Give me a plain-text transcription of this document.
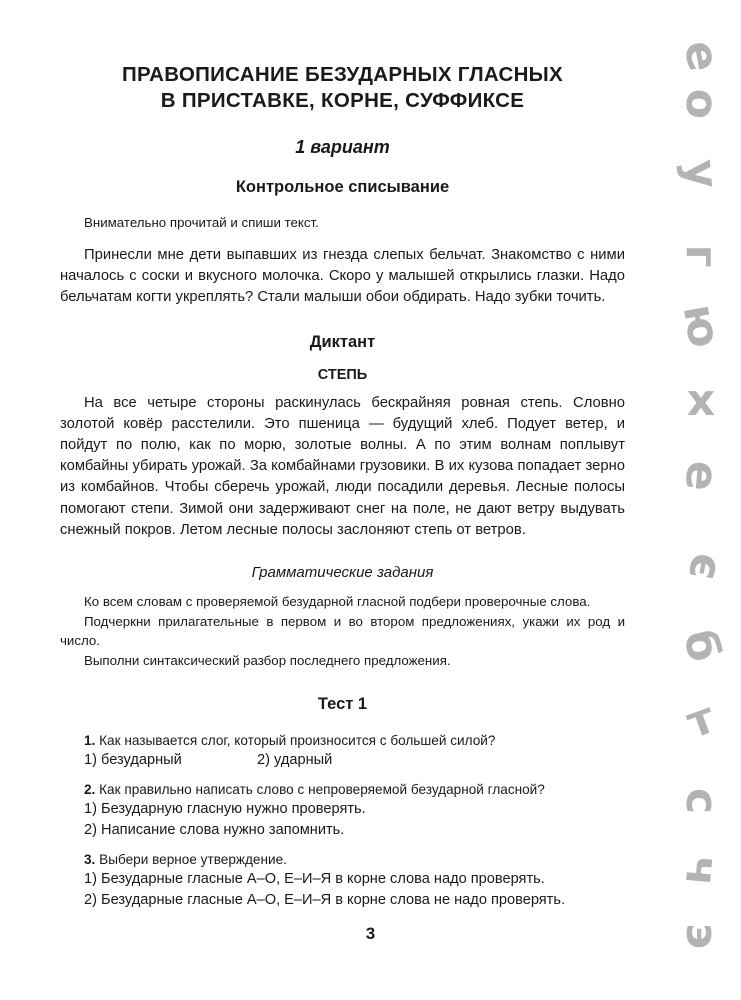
ПРАВОПИСАНИЕ БЕЗУДАРНЫХ ГЛАСНЫХ

В ПРИСТАВКЕ, КОРНЕ, СУФФИКСЕ

1 вариант

Контрольное списывание

Внимательно прочитай и спиши текст.

Принесли мне дети выпавших из гнезда слепых бельчат. Знакомство с ними началось с соски и вкусного молочка. Скоро у малышей открылись глазки. Надо бельчатам когти укреплять? Стали малыши обои обдирать. Надо зубки точить.

Диктант

СТЕПЬ

На все четыре стороны раскинулась бескрайняя ровная степь. Словно золотой ковёр расстелили. Это пшеница — будущий хлеб. Подует ветер, и пойдут по полю, как по морю, золотые волны. А по этим волнам поплывут комбайны убирать урожай. За комбайнами грузовики. В их кузова попадает зерно из комбайнов. Чтобы сберечь урожай, люди посадили деревья. Лесные полосы помогают степи. Зимой они задерживают снег на поле, не дают ветру выдувать снежный покров. Летом лесные полосы заслоняют степь от ветров.

Грамматические задания

Ко всем словам с проверяемой безударной гласной подбери проверочные слова.

Подчеркни прилагательные в первом и во втором предложениях, укажи их род и число.

Выполни синтаксический разбор последнего предложения.

Тест 1

1. Как называется слог, который произносится с большей силой?

1) безударный	2) ударный

2. Как правильно написать слово с непроверяемой безударной гласной?

1) Безударную гласную нужно проверять.

2) Написание слова нужно запомнить.

3. Выбери верное утверждение.

1) Безударные гласные А–О, Е–И–Я в корне слова надо проверять.

2) Безударные гласные А–О, Е–И–Я в корне слова не надо проверять.

3
е
о
у
г
ю
х
е
э
б
т
с
ч
э
